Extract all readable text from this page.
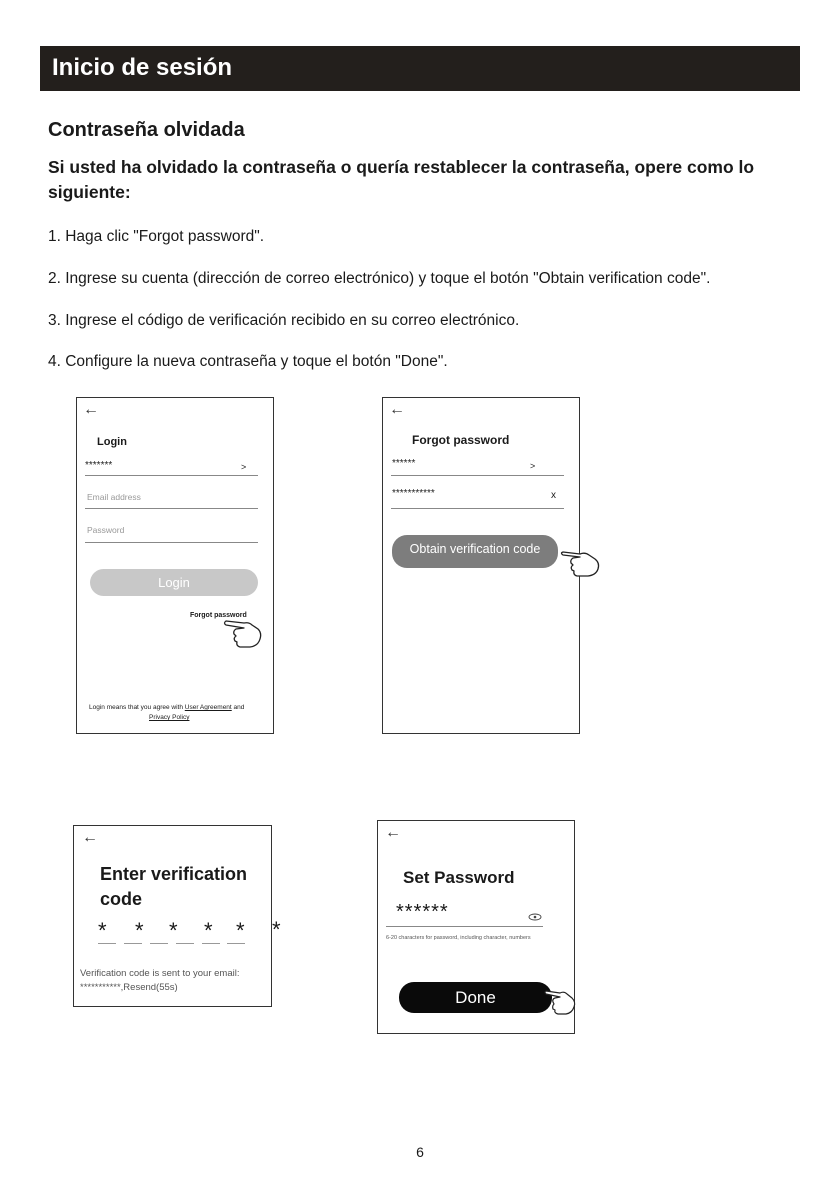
Inicio de sesión
Contraseña olvidada
Si usted ha olvidado la contraseña o quería restablecer la contraseña, opere como lo siguiente:
1. Haga clic "Forgot password".
2. Ingrese su cuenta (dirección de correo electrónico) y toque el botón "Obtain verification code".
3. Ingrese el código de verificación recibido en su correo electrónico.
4. Configure la nueva contraseña y toque el botón "Done".
←
Login
*******	>
Email address
Password
Login
Forgot password
Login means that you agree with User Agreement and
Privacy Policy
←
Forgot password
******	>
***********	x
Obtain verification code
←
Enter verification
code
* * * * *
Verification code is sent to your email:
***********,Resend(55s)
*
←
Set Password
******
6-20 characters for password, including character, numbers
Done
6
